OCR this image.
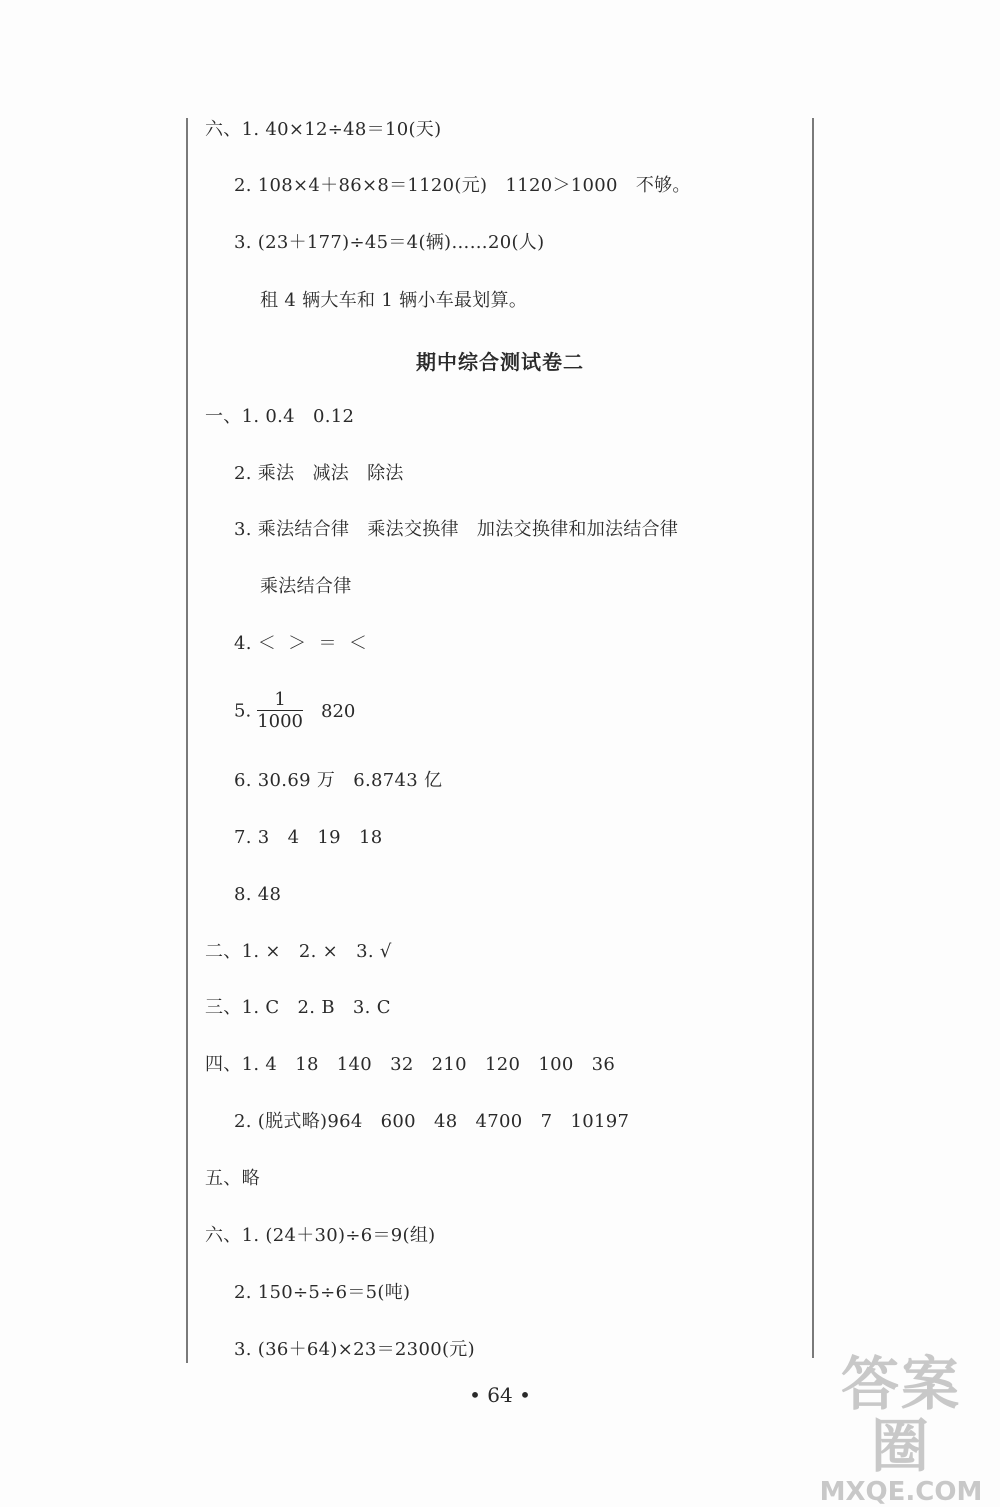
六、1. 40×12÷48＝10(天)
2. 108×4＋86×8＝1120(元)   1120＞1000   不够。
3. (23＋177)÷45＝4(辆)……20(人)
租 4 辆大车和 1 辆小车最划算。
期中综合测试卷二
一、1. 0.4   0.12
2. 乘法   减法   除法
3. 乘法结合律   乘法交换律   加法交换律和加法结合律
乘法结合律
4. ＜  ＞  ＝  ＜
5. $\frac{1}{1000} 820$
6. 30.69 万   6.8743 亿
7. 3   4   19   18
8. 48
二、1. ×   2. ×   3. √
三、1. C   2. B   3. C
四、1. 4   18   140   32   210   120   100   36
2. (脱式略)964   600   48   4700   7   10197
五、略
六、1. (24＋30)÷6＝9(组)
2. 150÷5÷6＝5(吨)
3. (36＋64)×23＝2300(元)
• 64 •	答案圈
MXQE.COM
